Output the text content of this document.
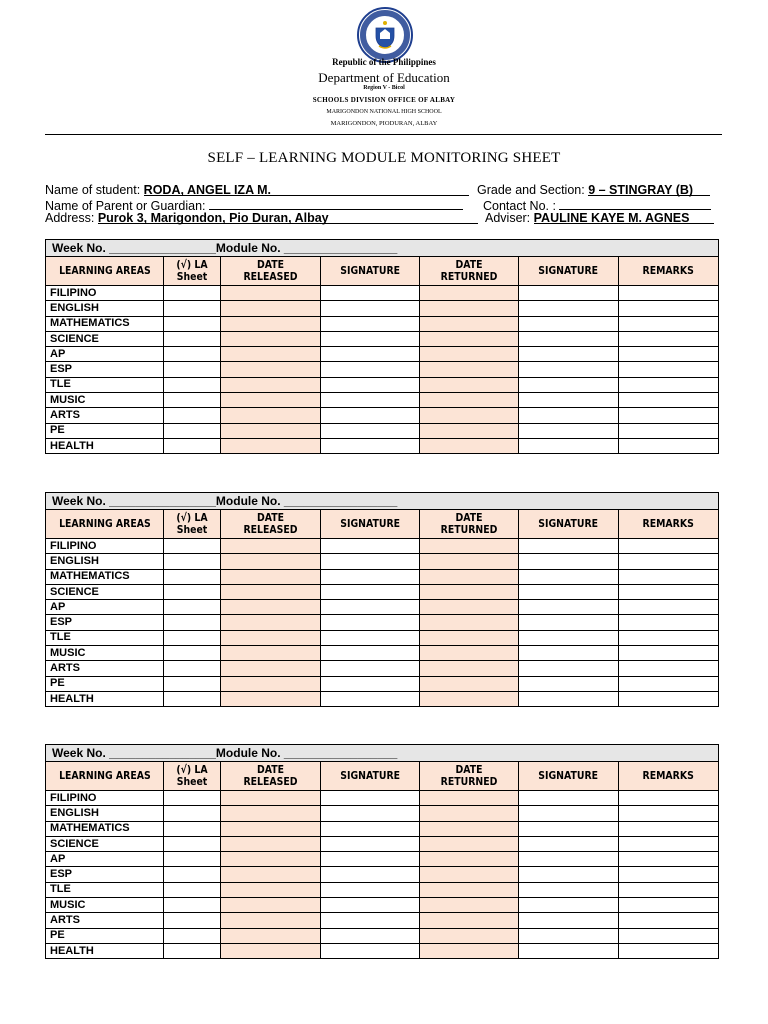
Republic of the Philippines
Department of Education
Region V - Bicol
SCHOOLS DIVISION OFFICE OF ALBAY
MARIGONDON NATIONAL HIGH SCHOOL
MARIGONDON, PIODURAN, ALBAY
SELF – LEARNING MODULE MONITORING SHEET
Name of student: RODA, ANGEL IZA M.	Grade and Section: 9 – STINGRAY (B)
Name of Parent or Guardian:	Contact No. :
Address: Purok 3, Marigondon, Pio Duran, Albay	Adviser: PAULINE KAYE M. AGNES
Week No. ________________Module No. _________________						
LEARNING AREAS	(√) LA Sheet	DATE RELEASED	SIGNATURE	DATE RETURNED	SIGNATURE	REMARKS
FILIPINO						
ENGLISH						
MATHEMATICS						
SCIENCE						
AP						
ESP						
TLE						
MUSIC						
ARTS						
PE						
HEALTH						
Week No. ________________Module No. _________________						
LEARNING AREAS	(√) LA Sheet	DATE RELEASED	SIGNATURE	DATE RETURNED	SIGNATURE	REMARKS
FILIPINO						
ENGLISH						
MATHEMATICS						
SCIENCE						
AP						
ESP						
TLE						
MUSIC						
ARTS						
PE						
HEALTH						
Week No. ________________Module No. _________________						
LEARNING AREAS	(√) LA Sheet	DATE RELEASED	SIGNATURE	DATE RETURNED	SIGNATURE	REMARKS
FILIPINO						
ENGLISH						
MATHEMATICS						
SCIENCE						
AP						
ESP						
TLE						
MUSIC						
ARTS						
PE						
HEALTH						
